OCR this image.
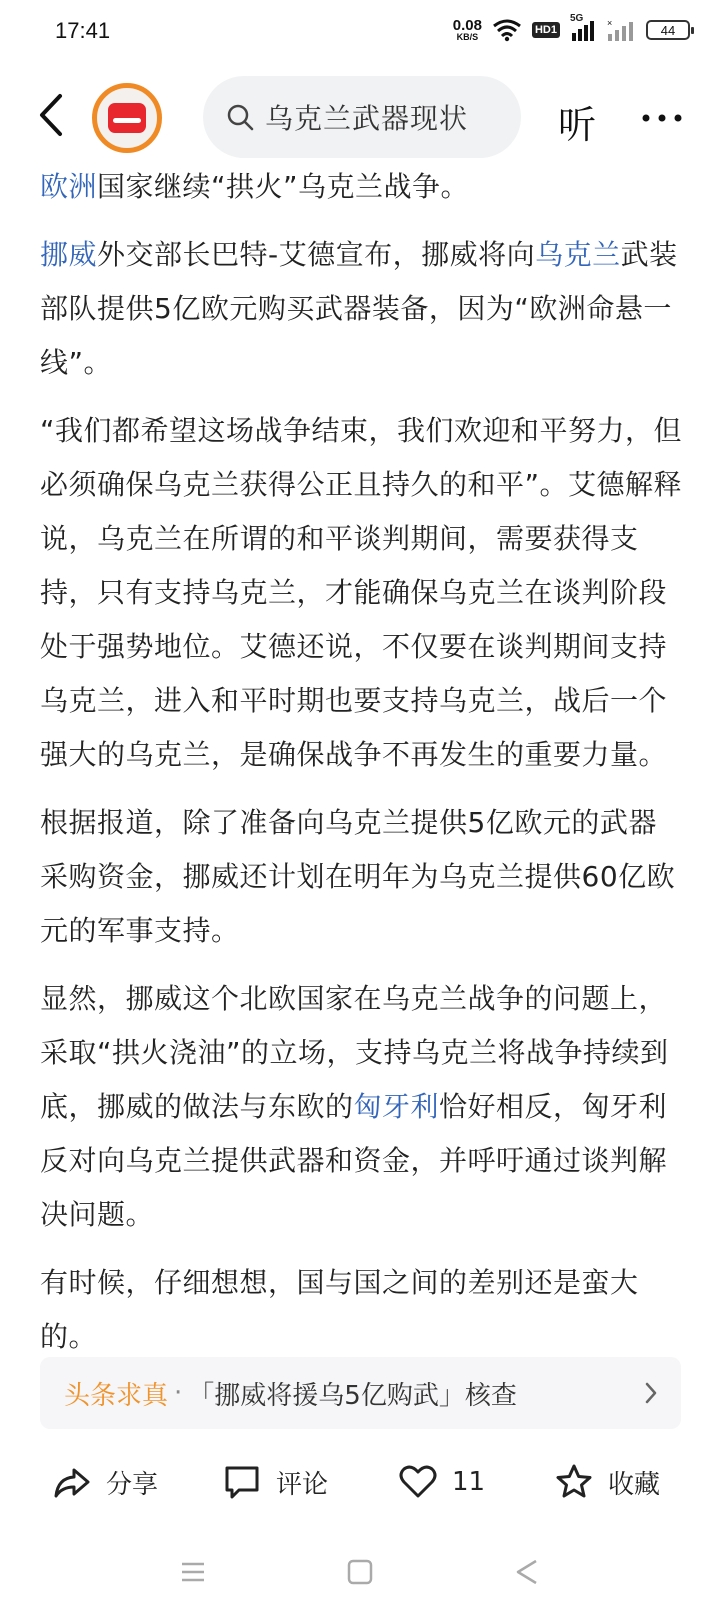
17:41	0.08
KB/S
HD1
5G	×	44
乌克兰武器现状 听

欧洲国家继续“拱火”乌克兰战争。

挪威外交部长巴特-艾德宣布，挪威将向乌克兰武装部队提供5亿欧元购买武器装备，因为“欧洲命悬一线”。

“我们都希望这场战争结束，我们欢迎和平努力，但必须确保乌克兰获得公正且持久的和平”。艾德解释说，乌克兰在所谓的和平谈判期间，需要获得支持，只有支持乌克兰，才能确保乌克兰在谈判阶段处于强势地位。艾德还说，不仅要在谈判期间支持乌克兰，进入和平时期也要支持乌克兰，战后一个强大的乌克兰，是确保战争不再发生的重要力量。

根据报道，除了准备向乌克兰提供5亿欧元的武器采购资金，挪威还计划在明年为乌克兰提供60亿欧元的军事支持。

显然，挪威这个北欧国家在乌克兰战争的问题上，采取“拱火浇油”的立场，支持乌克兰将战争持续到底，挪威的做法与东欧的匈牙利恰好相反，匈牙利反对向乌克兰提供武器和资金，并呼吁通过谈判解决问题。

有时候，仔细想想，国与国之间的差别还是蛮大的。

头条求真 · 「挪威将援乌5亿购武」核查
分享	评论	11	收藏
